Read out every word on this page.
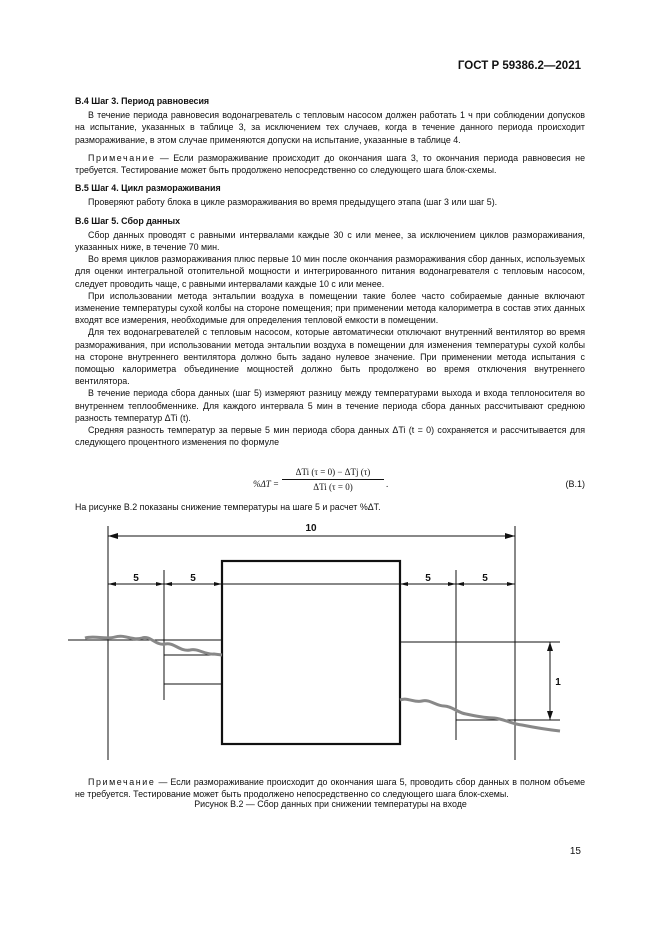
ГОСТ Р 59386.2—2021

В.4 Шаг 3. Период равновесия

В течение периода равновесия водонагреватель с тепловым насосом должен работать 1 ч при соблюдении допусков на испытание, указанных в таблице 3, за исключением тех случаев, когда в течение данного периода происходит размораживание, в этом случае применяются допуски на испытание, указанные в таблице 4.

Примечание — Если размораживание происходит до окончания шага 3, то окончания периода равновесия не требуется. Тестирование может быть продолжено непосредственно со следующего шага блок-схемы.

В.5 Шаг 4. Цикл размораживания

Проверяют работу блока в цикле размораживания во время предыдущего этапа (шаг 3 или шаг 5).

В.6 Шаг 5. Сбор данных

Сбор данных проводят с равными интервалами каждые 30 с или менее, за исключением циклов размораживания, указанных ниже, в течение 70 мин.

Во время циклов размораживания плюс первые 10 мин после окончания размораживания сбор данных, используемых для оценки интегральной отопительной мощности и интегрированного питания водонагревателя с тепловым насосом, следует проводить чаще, с равными интервалами каждые 10 с или менее.

При использовании метода энтальпии воздуха в помещении такие более часто собираемые данные включают изменение температуры сухой колбы на стороне помещения; при применении метода калориметра в состав этих данных входят все измерения, необходимые для определения тепловой емкости в помещении.

Для тех водонагревателей с тепловым насосом, которые автоматически отключают внутренний вентилятор во время размораживания, при использовании метода энтальпии воздуха в помещении для изменения температуры сухой колбы на стороне внутреннего вентилятора должно быть задано нулевое значение. При применении метода испытания с помощью калориметра объединение мощностей должно быть продолжено во время отключения внутреннего вентилятора.

В течение периода сбора данных (шаг 5) измеряют разницу между температурами выхода и входа теплоносителя во внутреннем теплообменнике. Для каждого интервала 5 мин в течение периода сбора данных рассчитывают среднюю разность температур ΔTi (t).

Средняя разность температур за первые 5 мин периода сбора данных ΔTi (t = 0) сохраняется и рассчитывается для следующего процентного изменения по формуле

%ΔT =
ΔTi (τ = 0) − ΔTj (τ)
ΔTi (τ = 0)	.	(В.1)

На рисунке В.2 показаны снижение температуры на шаге 5 и расчет %ΔT.

10
5	5	5	5
1

Примечание — Если размораживание происходит до окончания шага 5, проводить сбор данных в полном объеме не требуется. Тестирование может быть продолжено непосредственно со следующего шага блок-схемы.

Рисунок В.2 — Сбор данных при снижении температуры на входе
15
